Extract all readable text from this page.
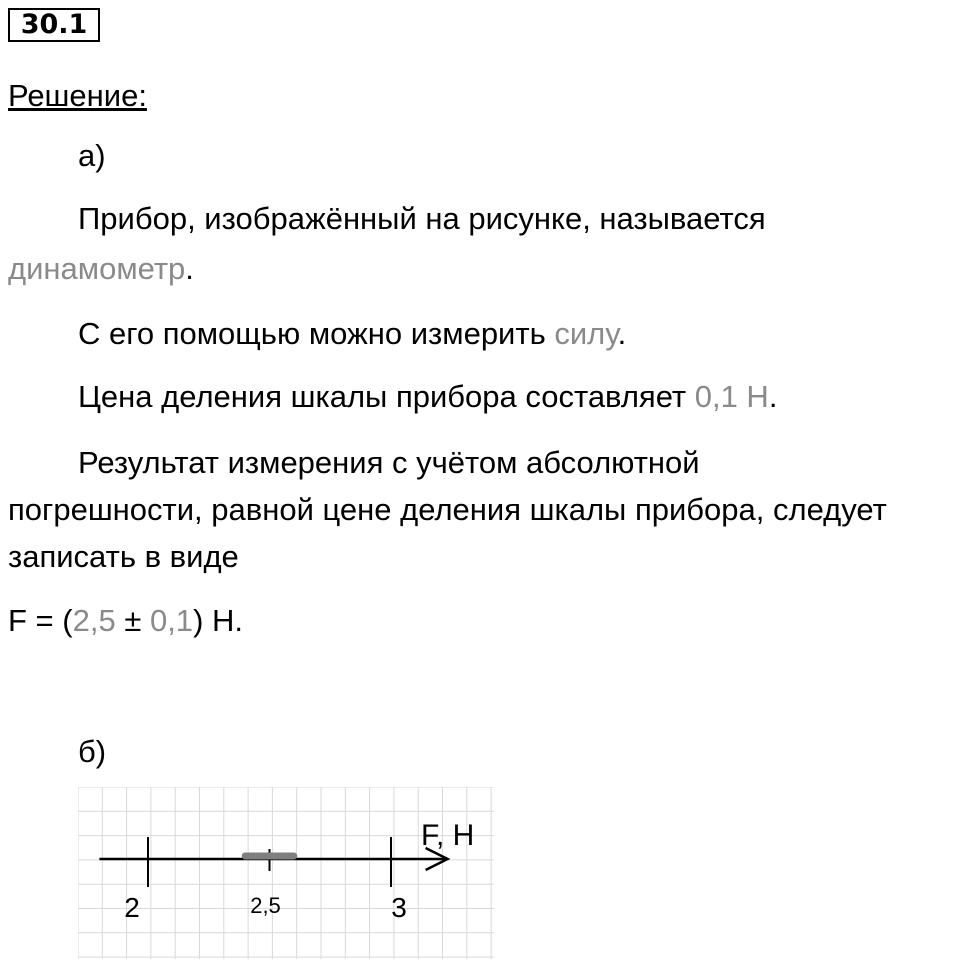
30.1
Решение:
а)
Прибор, изображённый на рисунке, называется
динамометр.
С его помощью можно измерить силу.
Цена деления шкалы прибора составляет 0,1 Н.
Результат измерения с учётом абсолютной
погрешности, равной цене деления шкалы прибора, следует
записать в виде
F = (2,5 ± 0,1) Н.
б)
2	2,5	3
F, Н
